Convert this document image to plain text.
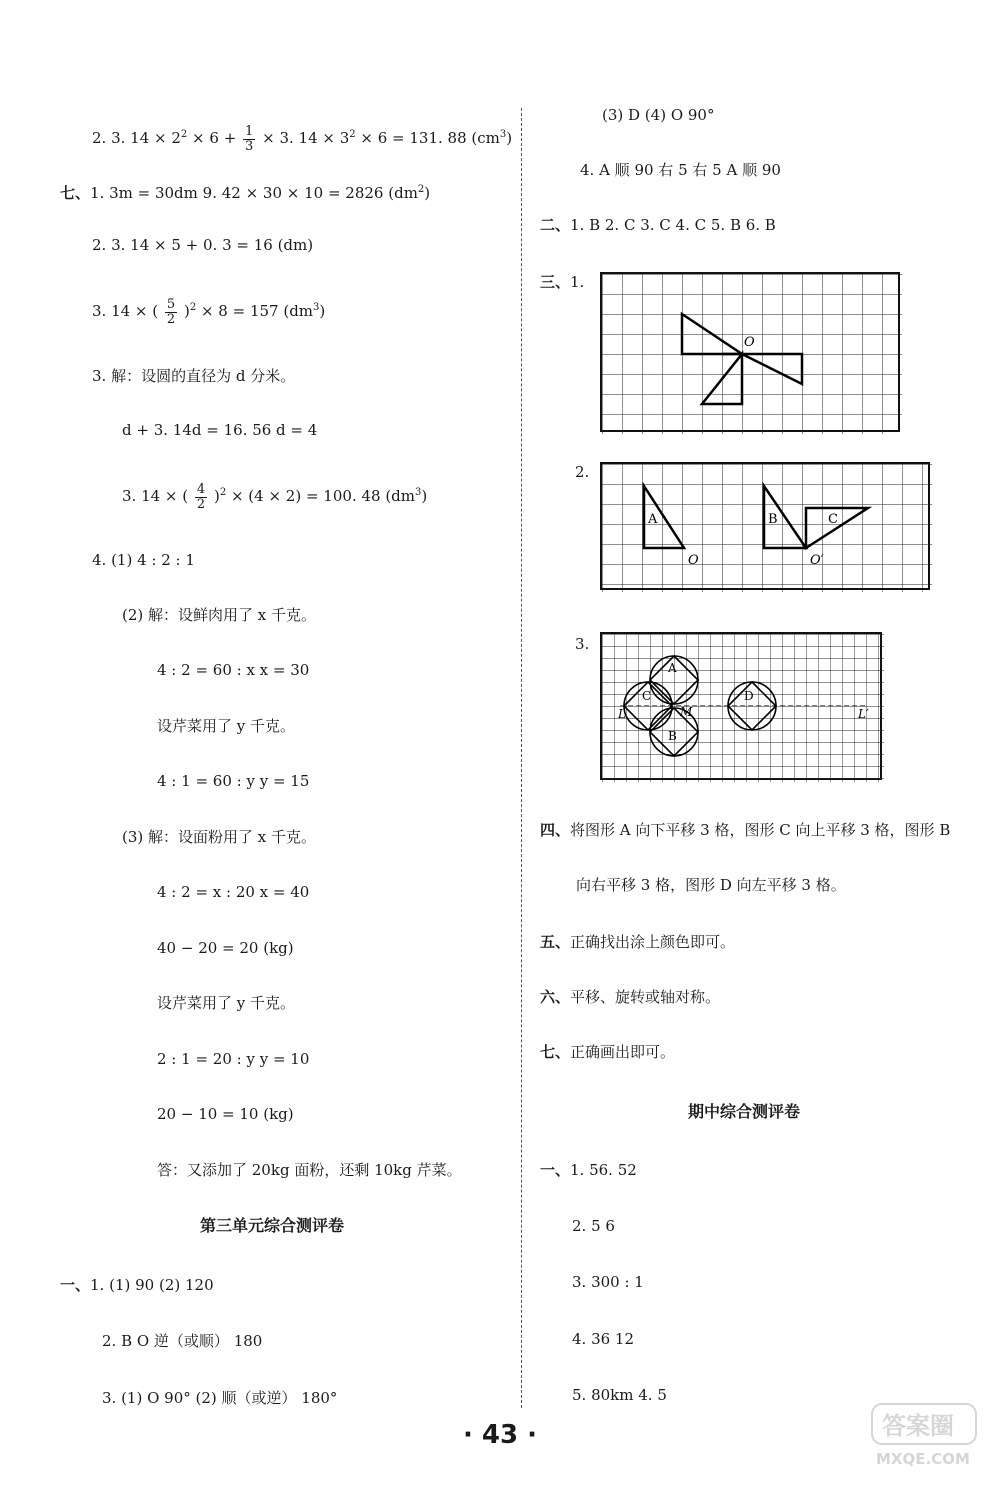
2. 3. $14 \times 2^2 \times 6 + \frac{1}{3} \times 3$. $14 \times 3^2 \times 6 = 131$. 88 $(cm^3)$
七、1. 3m = 30dm 9. 42 × 30 × 10 = 2826 $(dm^2)$
2. 3. 14 × 5 + 0. 3 = 16 (dm)
3. 14 × ( $\frac{5}{2} )^2 \times 8 = 157$ $(dm^3)$
3. 解：设圆的直径为 d 分米。
d + 3. 14d = 16. 56 d = 4
3. 14 × ( $\frac{4}{2} )^2 \times (4 \times 2) = 100$. 48 $(dm^3)$
4. (1) 4 : 2 : 1
(2) 解：设鲜肉用了 x 千克。
4 : 2 = 60 : x x = 30
设芹菜用了 y 千克。
4 : 1 = 60 : y y = 15
(3) 解：设面粉用了 x 千克。
4 : 2 = x : 20 x = 40
40 − 20 = 20 (kg)
设芹菜用了 y 千克。
2 : 1 = 20 : y y = 10
20 − 10 = 10 (kg)
答：又添加了 20kg 面粉，还剩 10kg 芹菜。
第三单元综合测评卷
一、1. (1) 90 (2) 120
2. B O 逆（或顺） 180
3. (1) O 90° (2) 顺（或逆） 180°
(3) D (4) O 90°
4. A 顺 90 右 5 右 5 A 顺 90
二、1. B 2. C 3. C 4. C 5. B 6. B
三、1.
O
2.
A	B	C
O	O′
3.
A
C
B
D
M
L	L′
四、将图形 A 向下平移 3 格，图形 C 向上平移 3 格，图形 B
向右平移 3 格，图形 D 向左平移 3 格。
五、正确找出涂上颜色即可。
六、平移、旋转或轴对称。
七、正确画出即可。
期中综合测评卷
一、1. 56. 52
2. 5 6
3. 300 : 1
4. 36 12
5. 80km 4. 5
· 43 ·	答案圈
MXQE.COM
